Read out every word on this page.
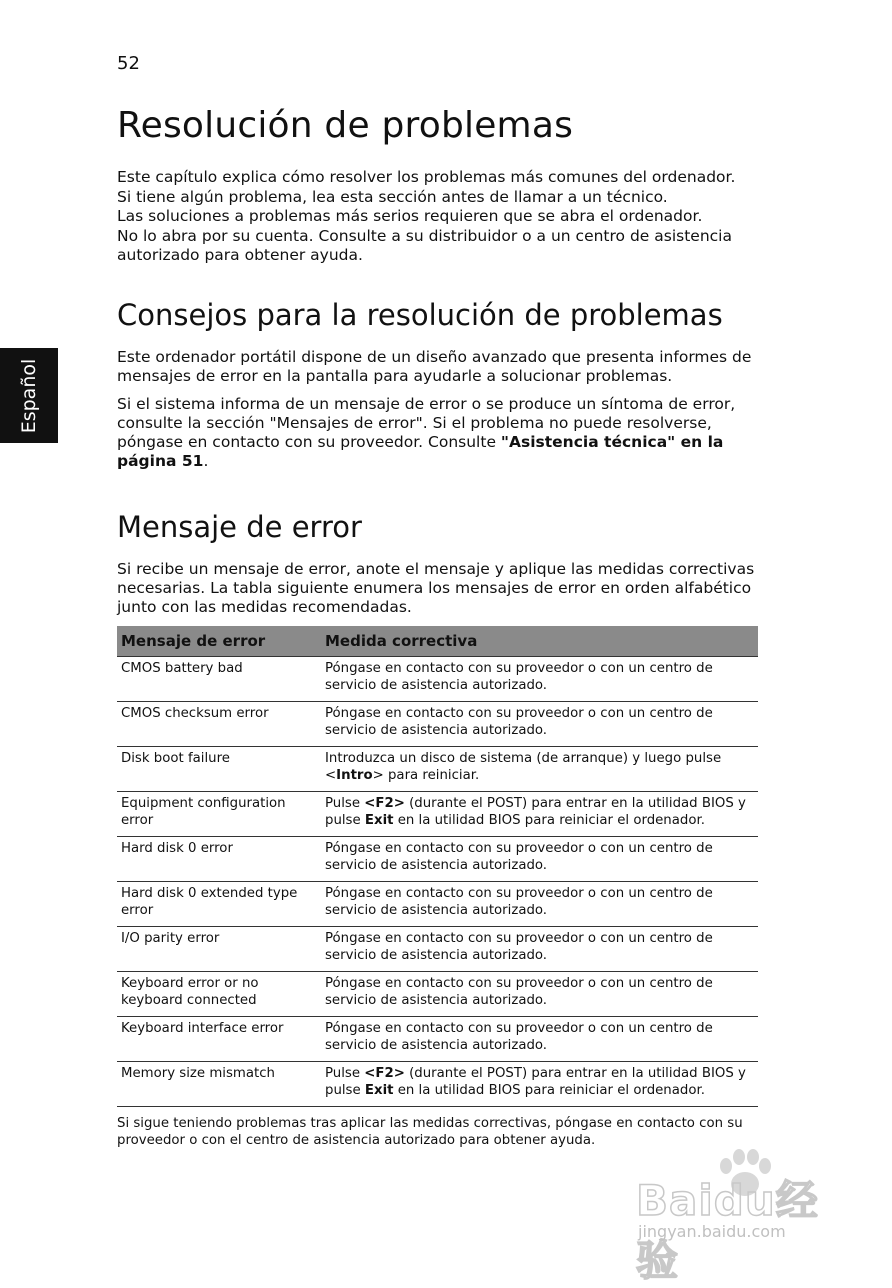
52
Español
Resolución de problemas

Este capítulo explica cómo resolver los problemas más comunes del ordenador.

Si tiene algún problema, lea esta sección antes de llamar a un técnico.

Las soluciones a problemas más serios requieren que se abra el ordenador.

No lo abra por su cuenta. Consulte a su distribuidor o a un centro de asistencia autorizado para obtener ayuda.

Consejos para la resolución de problemas

Este ordenador portátil dispone de un diseño avanzado que presenta informes de mensajes de error en la pantalla para ayudarle a solucionar problemas.

Si el sistema informa de un mensaje de error o se produce un síntoma de error, consulte la sección "Mensajes de error". Si el problema no puede resolverse, póngase en contacto con su proveedor. Consulte "Asistencia técnica" en la página 51.

Mensaje de error

Si recibe un mensaje de error, anote el mensaje y aplique las medidas correctivas necesarias. La tabla siguiente enumera los mensajes de error en orden alfabético junto con las medidas recomendadas.

Mensaje de error	Medida correctiva
CMOS battery bad	Póngase en contacto con su proveedor o con un centro de servicio de asistencia autorizado.
CMOS checksum error	Póngase en contacto con su proveedor o con un centro de servicio de asistencia autorizado.
Disk boot failure	Introduzca un disco de sistema (de arranque) y luego pulse <Intro> para reiniciar.
Equipment configuration error	Pulse <F2> (durante el POST) para entrar en la utilidad BIOS y pulse Exit en la utilidad BIOS para reiniciar el ordenador.
Hard disk 0 error	Póngase en contacto con su proveedor o con un centro de servicio de asistencia autorizado.
Hard disk 0 extended type error	Póngase en contacto con su proveedor o con un centro de servicio de asistencia autorizado.
I/O parity error	Póngase en contacto con su proveedor o con un centro de servicio de asistencia autorizado.
Keyboard error or no keyboard connected	Póngase en contacto con su proveedor o con un centro de servicio de asistencia autorizado.
Keyboard interface error	Póngase en contacto con su proveedor o con un centro de servicio de asistencia autorizado.
Memory size mismatch	Pulse <F2> (durante el POST) para entrar en la utilidad BIOS y pulse Exit en la utilidad BIOS para reiniciar el ordenador.

Si sigue teniendo problemas tras aplicar las medidas correctivas, póngase en contacto con su proveedor o con el centro de asistencia autorizado para obtener ayuda.

Baidu经验
jingyan.baidu.com
